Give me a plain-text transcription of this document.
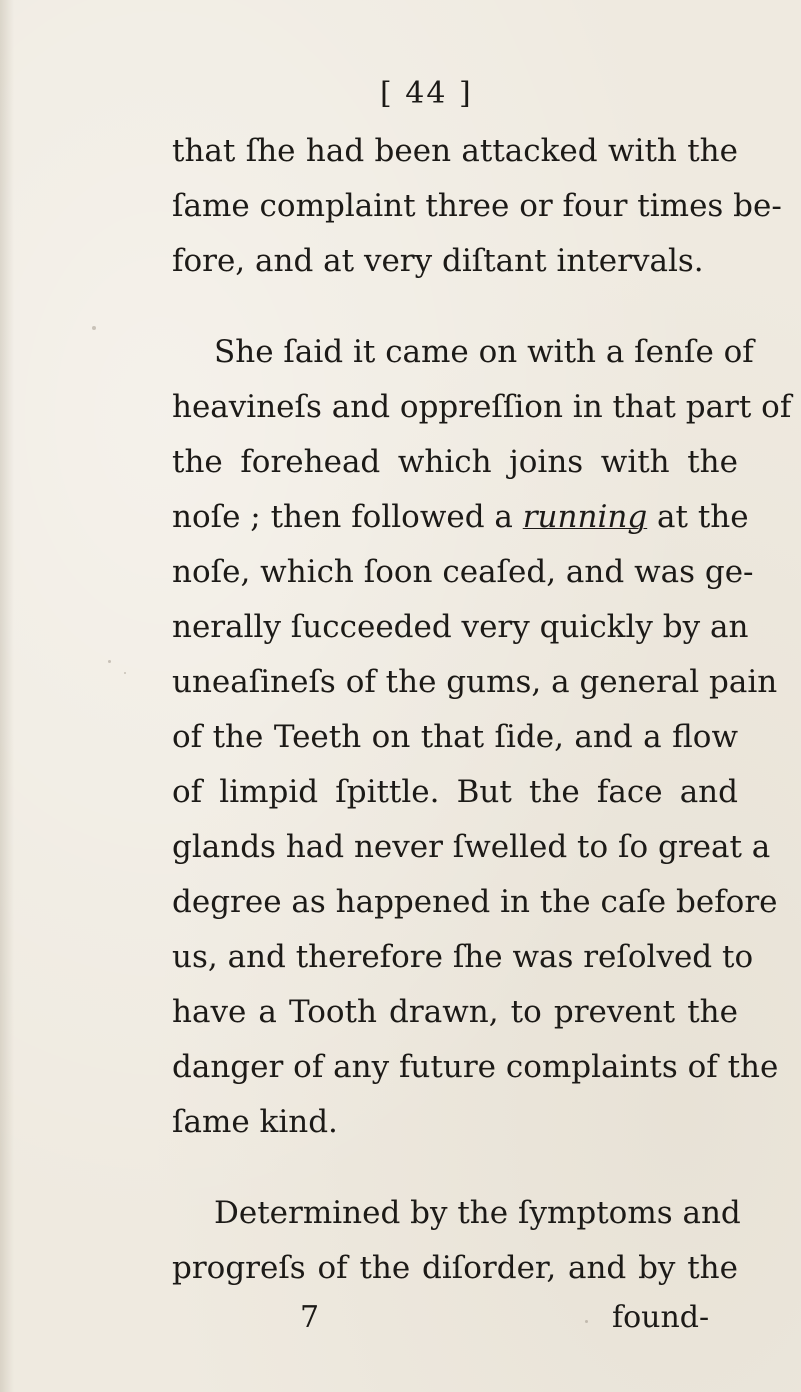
[ 44 ]
that ſhe had been attacked with the
ſame complaint three or four times be-
fore, and at very diſtant intervals.
She ſaid it came on with a ſenſe of
heavineſs and oppreſſion in that part of
the forehead which joins with the
noſe ; then followed a running at the
noſe, which ſoon ceaſed, and was ge-
nerally ſucceeded very quickly by an
uneaſineſs of the gums, a general pain
of the Teeth on that ſide, and a flow
of limpid ſpittle. But the face and
glands had never ſwelled to ſo great a
degree as happened in the caſe before
us, and therefore ſhe was reſolved to
have a Tooth drawn, to prevent the
danger of any future complaints of the
ſame kind.
Determined by the ſymptoms and
progreſs of the diſorder, and by the
7	found-
